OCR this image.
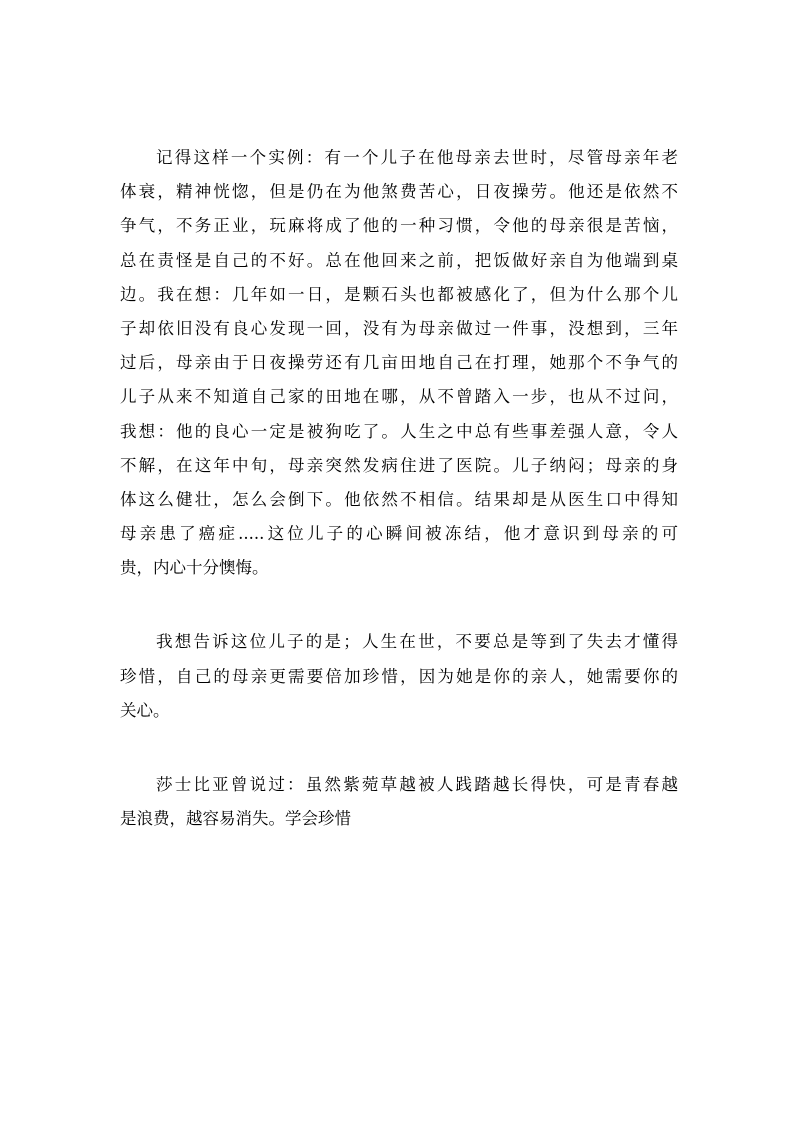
记得这样一个实例：有一个儿子在他母亲去世时，尽管母亲年老
体衰，精神恍惚，但是仍在为他煞费苦心，日夜操劳。他还是依然不
争气，不务正业，玩麻将成了他的一种习惯，令他的母亲很是苦恼，
总在责怪是自己的不好。总在他回来之前，把饭做好亲自为他端到桌
边。我在想：几年如一日，是颗石头也都被感化了，但为什么那个儿
子却依旧没有良心发现一回，没有为母亲做过一件事，没想到，三年
过后，母亲由于日夜操劳还有几亩田地自己在打理，她那个不争气的
儿子从来不知道自己家的田地在哪，从不曾踏入一步，也从不过问，
我想：他的良心一定是被狗吃了。人生之中总有些事差强人意，令人
不解，在这年中旬，母亲突然发病住进了医院。儿子纳闷；母亲的身
体这么健壮，怎么会倒下。他依然不相信。结果却是从医生口中得知
母亲患了癌症.....这位儿子的心瞬间被冻结，他才意识到母亲的可
贵，内心十分懊悔。
我想告诉这位儿子的是；人生在世，不要总是等到了失去才懂得
珍惜，自己的母亲更需要倍加珍惜，因为她是你的亲人，她需要你的
关心。
莎士比亚曾说过：虽然紫菀草越被人践踏越长得快，可是青春越
是浪费，越容易消失。学会珍惜
